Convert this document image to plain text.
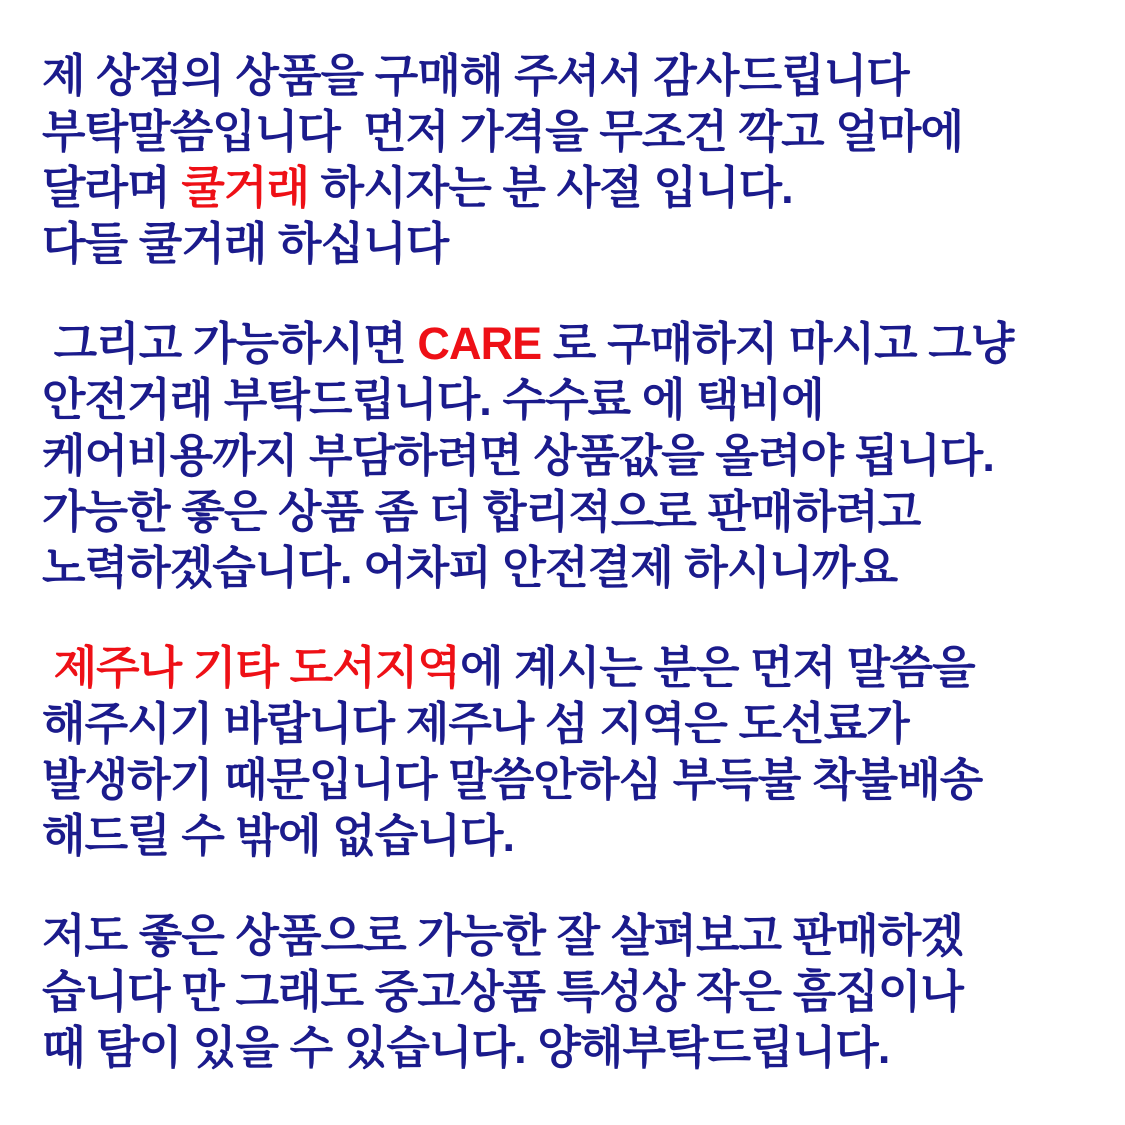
제 상점의 상품을 구매해 주셔서 감사드립니다
부탁말씀입니다  먼저 가격을 무조건 깍고 얼마에
달라며 쿨거래 하시자는 분 사절 입니다.
다들 쿨거래 하십니다
그리고 가능하시면 CARE 로 구매하지 마시고 그냥
안전거래 부탁드립니다. 수수료 에 택비에
케어비용까지 부담하려면 상품값을 올려야 됩니다.
가능한 좋은 상품 좀 더 합리적으로 판매하려고
노력하겠습니다. 어차피 안전결제 하시니까요
제주나 기타 도서지역에 계시는 분은 먼저 말씀을
해주시기 바랍니다 제주나 섬 지역은 도선료가
발생하기 때문입니다 말씀안하심 부득불 착불배송
해드릴 수 밖에 없습니다.
저도 좋은 상품으로 가능한 잘 살펴보고 판매하겠
습니다 만 그래도 중고상품 특성상 작은 흠집이나
때 탐이 있을 수 있습니다. 양해부탁드립니다.
